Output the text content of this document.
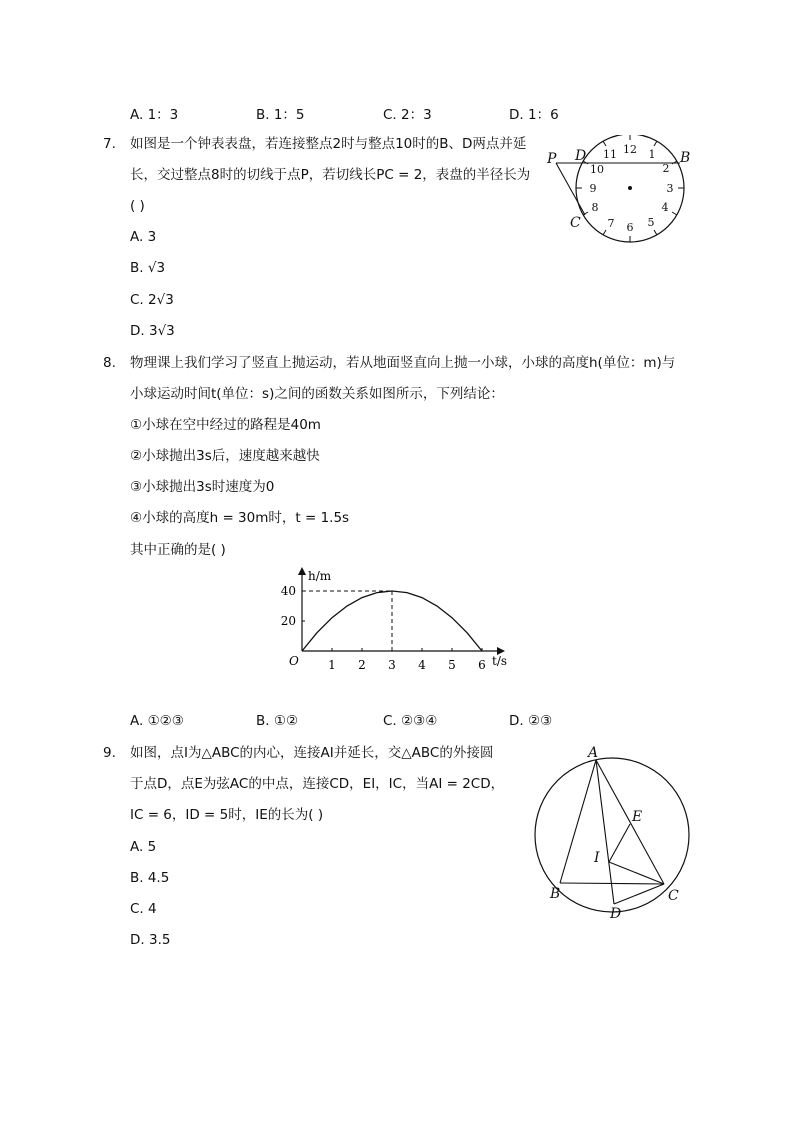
A. 1：3	B. 1：5	C. 2：3	D. 1：6
7. 如图是一个钟表表盘，若连接整点2时与整点10时的B、D两点并延
长，交过整点8时的切线于点P，若切线长PC = 2，表盘的半径长为
( )
A. 3
B. √3
C. 2√3
D. 3√3
12 1
2
3
4
5
6
7
8
9
10
11
P D	B
C
8. 物理课上我们学习了竖直上抛运动，若从地面竖直向上抛一小球，小球的高度h(单位：m)与
小球运动时间t(单位：s)之间的函数关系如图所示，下列结论：
①小球在空中经过的路程是40m
②小球抛出3s后，速度越来越快
③小球抛出3s时速度为0
④小球的高度h = 30m时，t = 1.5s
其中正确的是( )
1 2 3 4 5 6
20
40
O
h/m
t/s
A. ①②③	B. ①②	C. ②③④	D. ②③
9. 如图，点I为△ABC的内心，连接AI并延长，交△ABC的外接圆
于点D，点E为弦AC的中点，连接CD，EI，IC，当AI = 2CD，
IC = 6，ID = 5时，IE的长为( )
A. 5
B. 4.5
C. 4
D. 3.5
A
B	C
D
E
I
